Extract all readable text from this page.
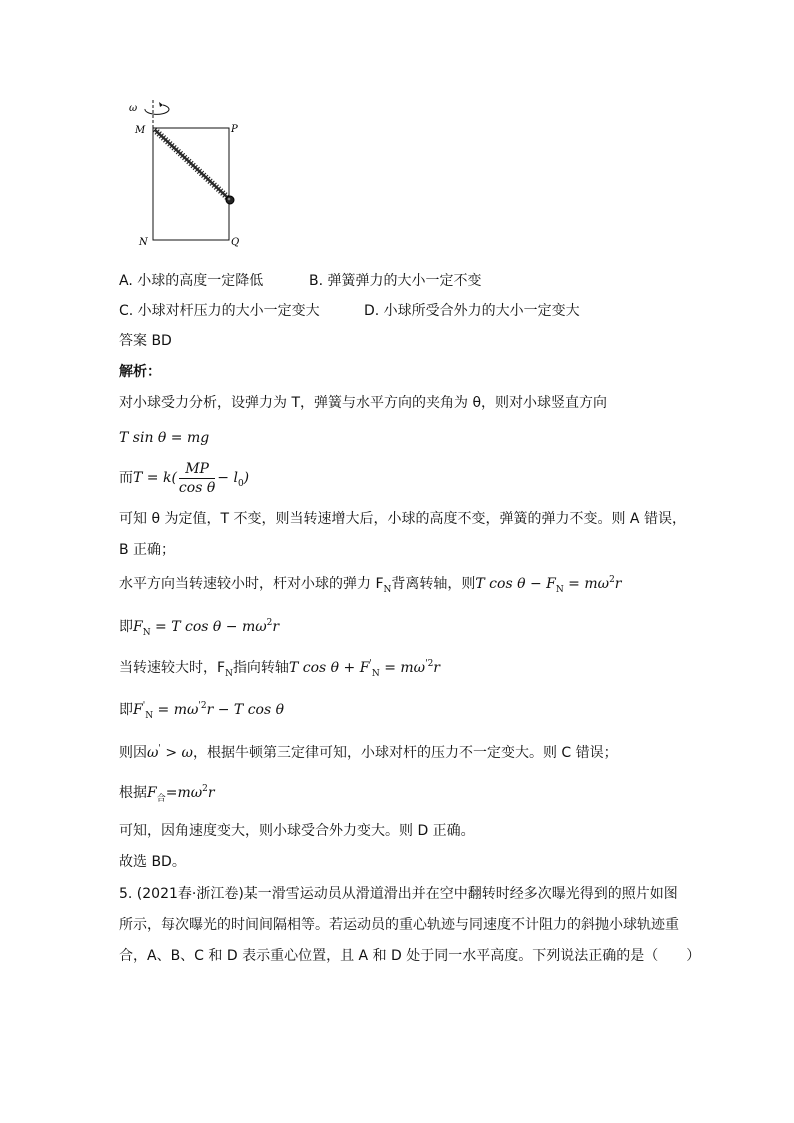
ω
M	P
N	Q
A. 小球的高度一定降低	B. 弹簧弹力的大小一定不变
C. 小球对杆压力的大小一定变大	D. 小球所受合外力的大小一定变大
答案 BD
解析：
对小球受力分析，设弹力为 T，弹簧与水平方向的夹角为 θ，则对小球竖直方向
T sin θ = mg
而$T = k( \frac{MP}{\text{cos θ}} - l_0)$
可知 θ 为定值，T 不变，则当转速增大后，小球的高度不变，弹簧的弹力不变。则 A 错误，
B 正确；
水平方向当转速较小时，杆对小球的弹力 $F_N$背离转轴，则T $\cos \theta - F_N = m\omega^2r$
即$F_N = T$ $\cos \theta - m\omega^2r$
当转速较大时，$F_N$指向转轴T $\cos \theta + F'_N = m\omega^{'2}r$
即$F'_N = m\omega^{'2}r - T$ cos θ
则因ω' > ω，根据牛顿第三定律可知，小球对杆的压力不一定变大。则 C 错误；
根据$F_合=m\omega^2r$
可知，因角速度变大，则小球受合外力变大。则 D 正确。
故选 BD。
5. (2021春·浙江卷)某一滑雪运动员从滑道滑出并在空中翻转时经多次曝光得到的照片如图
所示，每次曝光的时间间隔相等。若运动员的重心轨迹与同速度不计阻力的斜抛小球轨迹重
合，A、B、C 和 D 表示重心位置，且 A 和 D 处于同一水平高度。下列说法正确的是（　　）
